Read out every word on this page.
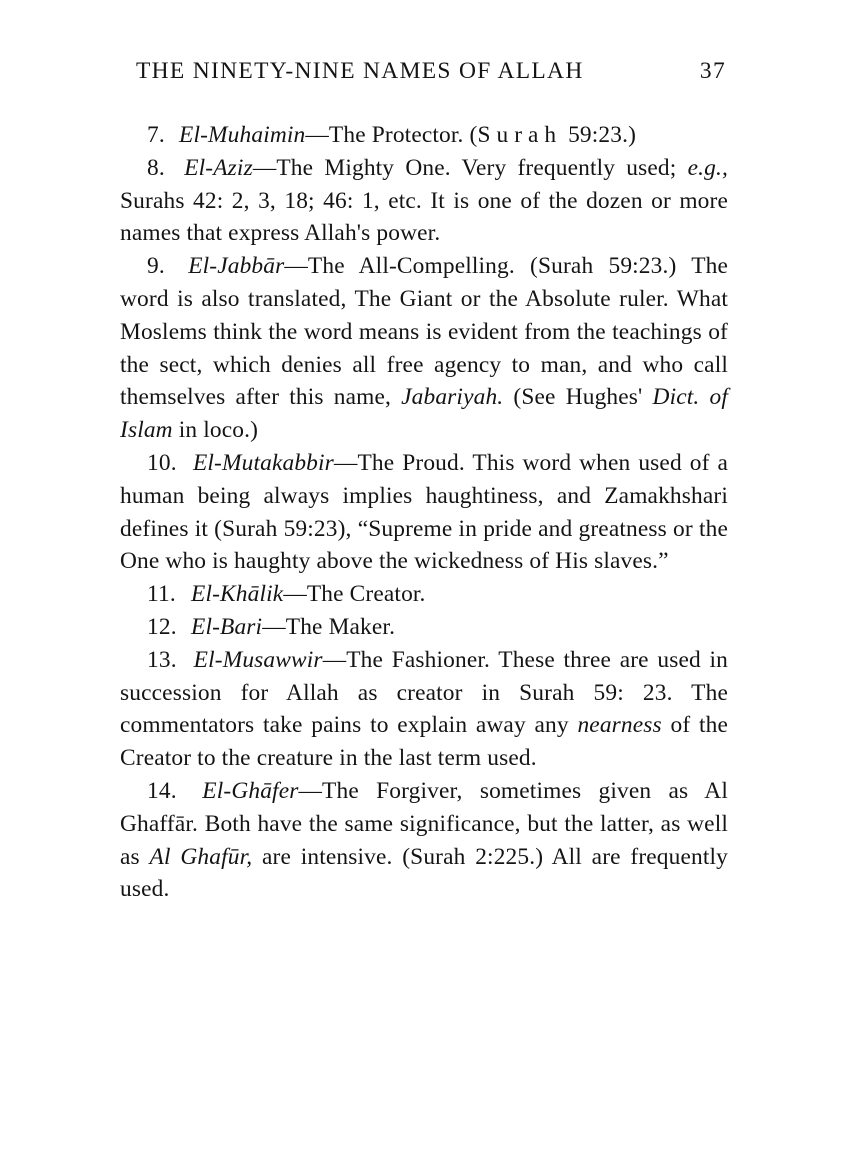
THE NINETY-NINE NAMES OF ALLAH	37

7. El-Muhaimin—The Protector. (Surah 59:23.)

8. El-Aziz—The Mighty One. Very frequently used; e.g., Surahs 42: 2, 3, 18; 46: 1, etc. It is one of the dozen or more names that express Allah's power.

9. El-Jabbār—The All-Compelling. (Surah 59:23.) The word is also translated, The Giant or the Absolute ruler. What Moslems think the word means is evident from the teachings of the sect, which denies all free agency to man, and who call themselves after this name, Jabariyah. (See Hughes' Dict. of Islam in loco.)

10. El-Mutakabbir—The Proud. This word when used of a human being always implies haughtiness, and Zamakhshari defines it (Surah 59:23), “Supreme in pride and greatness or the One who is haughty above the wickedness of His slaves.”

11. El-Khālik—The Creator.

12. El-Bari—The Maker.

13. El-Musawwir—The Fashioner. These three are used in succession for Allah as creator in Surah 59: 23. The commentators take pains to explain away any nearness of the Creator to the creature in the last term used.

14. El-Ghāfer—The Forgiver, sometimes given as Al Ghaffār. Both have the same significance, but the latter, as well as Al Ghafūr, are intensive. (Surah 2:225.) All are frequently used.
